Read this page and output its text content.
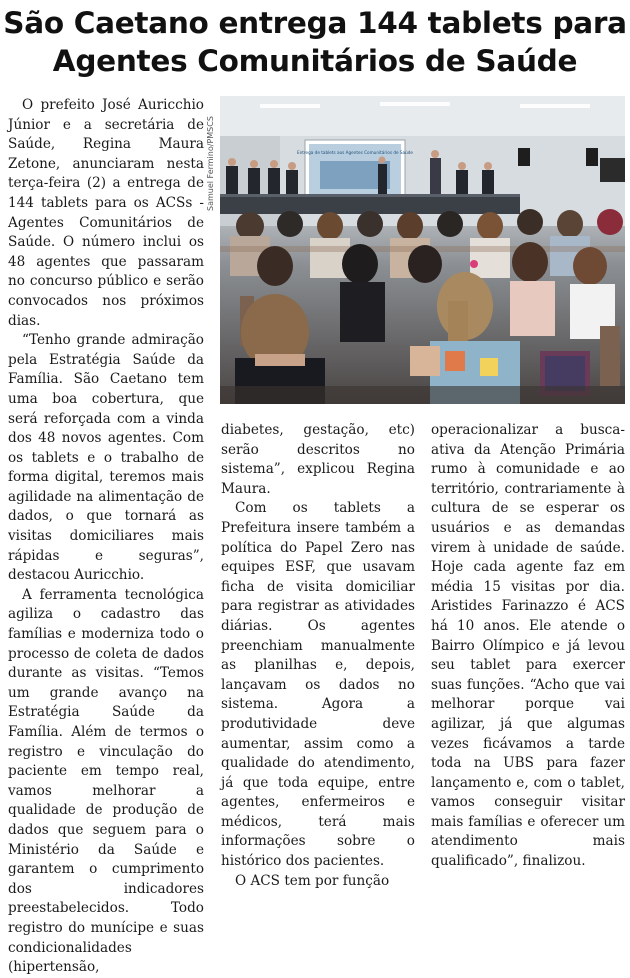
São Caetano entrega 144 tablets para
Agentes Comunitários de Saúde

O prefeito José Auricchio Júnior e a secretária de Saúde, Regina Maura Zetone, anunciaram nesta terça-feira (2) a entrega de 144 tablets para os ACSs - Agentes Comunitários de Saúde. O número inclui os 48 agentes que passaram no concurso público e serão convocados nos próximos dias.

“Tenho grande admiração pela Estratégia Saúde da Família. São Caetano tem uma boa cobertura, que será reforçada com a vinda dos 48 novos agentes. Com os tablets e o trabalho de forma digital, teremos mais agilidade na alimentação de dados, o que tornará as visitas domiciliares mais rápidas e seguras”, destacou Auricchio.

A ferramenta tecnológica agiliza o cadastro das famílias e moderniza todo o processo de coleta de dados durante as visitas. “Temos um grande avanço na Estratégia Saúde da Família. Além de termos o registro e vinculação do paciente em tempo real, vamos melhorar a qualidade de produção de dados que seguem para o Ministério da Saúde e garantem o cumprimento dos indicadores preestabelecidos. Todo registro do munícipe e suas condicionalidades (hipertensão,

Samuel Fermino/PMSCS	Entrega de tablets aos Agentes Comunitários de Saúde

diabetes, gestação, etc) serão descritos no sistema”, explicou Regina Maura.

Com os tablets a Prefeitura insere também a política do Papel Zero nas equipes ESF, que usavam ficha de visita domiciliar para registrar as atividades diárias. Os agentes preenchiam manualmente as planilhas e, depois, lançavam os dados no sistema. Agora a produtividade deve aumentar, assim como a qualidade do atendimento, já que toda equipe, entre agentes, enfermeiros e médicos, terá mais informações sobre o histórico dos pacientes.

O ACS tem por função

operacionalizar a busca-ativa da Atenção Primária rumo à comunidade e ao território, contrariamente à cultura de se esperar os usuários e as demandas virem à unidade de saúde. Hoje cada agente faz em média 15 visitas por dia. Aristides Farinazzo é ACS há 10 anos. Ele atende o Bairro Olímpico e já levou seu tablet para exercer suas funções. “Acho que vai melhorar porque vai agilizar, já que algumas vezes ficávamos a tarde toda na UBS para fazer lançamento e, com o tablet, vamos conseguir visitar mais famílias e oferecer um atendimento mais qualificado”, finalizou.
